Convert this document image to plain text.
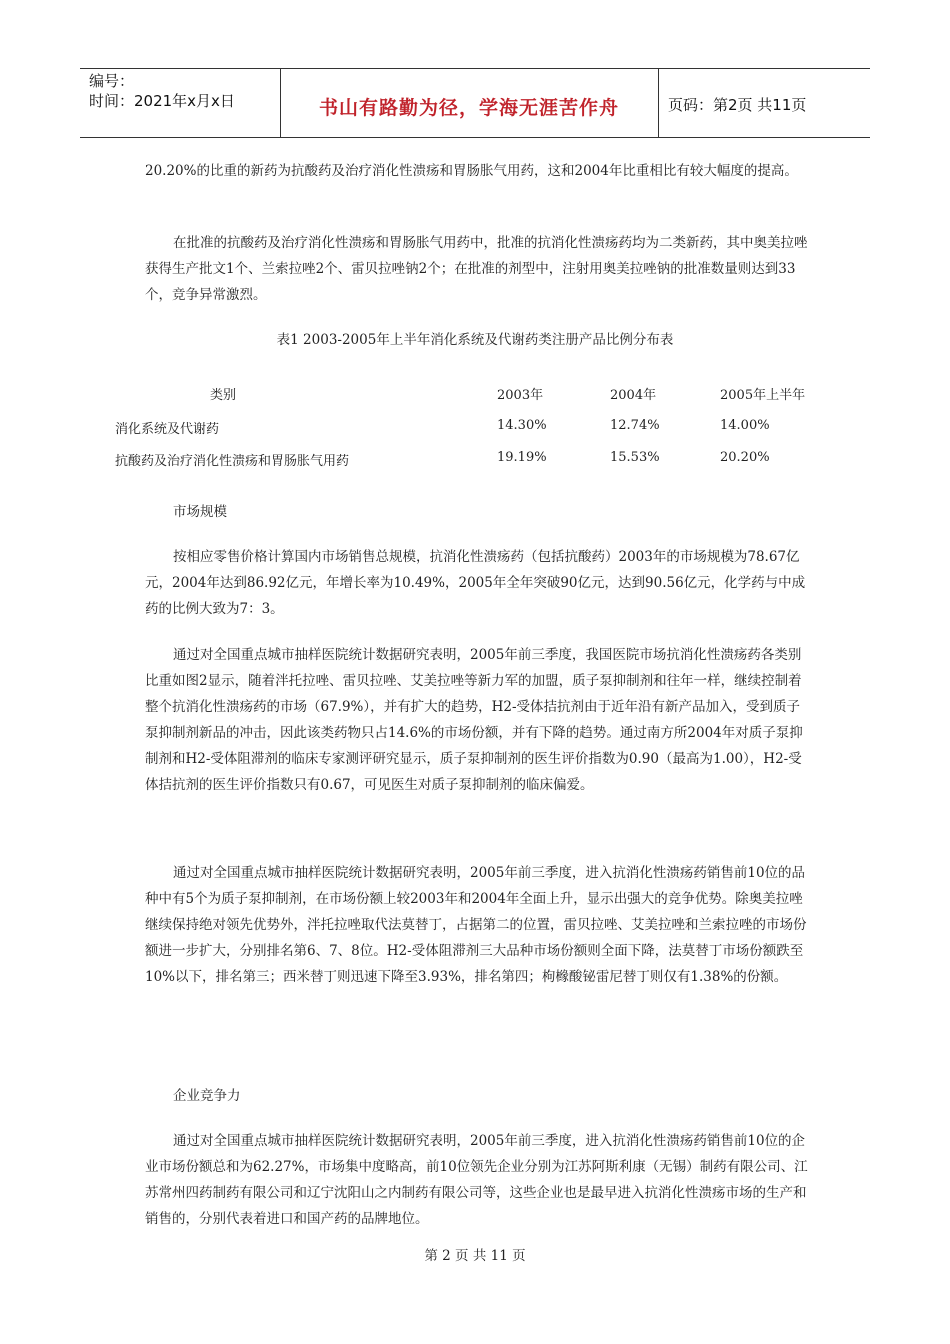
编号：
时间：2021年x月x日	书山有路勤为径，学海无涯苦作舟	页码：第2页 共11页

20.20%的比重的新药为抗酸药及治疗消化性溃疡和胃肠胀气用药，这和2004年比重相比有较大幅度的提高。

在批准的抗酸药及治疗消化性溃疡和胃肠胀气用药中，批准的抗消化性溃疡药均为二类新药，其中奥美拉唑获得生产批文1个、兰索拉唑2个、雷贝拉唑钠2个；在批准的剂型中，注射用奥美拉唑钠的批准数量则达到33个，竞争异常激烈。

表1 2003-2005年上半年消化系统及代谢药类注册产品比例分布表
类别	2003年	2004年	2005年上半年
消化系统及代谢药	14.30%	12.74%	14.00%
抗酸药及治疗消化性溃疡和胃肠胀气用药	19.19%	15.53%	20.20%
市场规模

按相应零售价格计算国内市场销售总规模，抗消化性溃疡药（包括抗酸药）2003年的市场规模为78.67亿元，2004年达到86.92亿元，年增长率为10.49%，2005年全年突破90亿元，达到90.56亿元，化学药与中成药的比例大致为7：3。

通过对全国重点城市抽样医院统计数据研究表明，2005年前三季度，我国医院市场抗消化性溃疡药各类别比重如图2显示，随着泮托拉唑、雷贝拉唑、艾美拉唑等新力军的加盟，质子泵抑制剂和往年一样，继续控制着整个抗消化性溃疡药的市场（67.9%），并有扩大的趋势，H2-受体拮抗剂由于近年沿有新产品加入，受到质子泵抑制剂新品的冲击，因此该类药物只占14.6%的市场份额，并有下降的趋势。通过南方所2004年对质子泵抑制剂和H2-受体阻滞剂的临床专家测评研究显示，质子泵抑制剂的医生评价指数为0.90（最高为1.00），H2-受体拮抗剂的医生评价指数只有0.67，可见医生对质子泵抑制剂的临床偏爱。

通过对全国重点城市抽样医院统计数据研究表明，2005年前三季度，进入抗消化性溃疡药销售前10位的品种中有5个为质子泵抑制剂，在市场份额上较2003年和2004年全面上升，显示出强大的竞争优势。除奥美拉唑继续保持绝对领先优势外，泮托拉唑取代法莫替丁，占据第二的位置，雷贝拉唑、艾美拉唑和兰索拉唑的市场份额进一步扩大，分别排名第6、7、8位。H2-受体阻滞剂三大品种市场份额则全面下降，法莫替丁市场份额跌至10%以下，排名第三；西米替丁则迅速下降至3.93%，排名第四；枸橼酸铋雷尼替丁则仅有1.38%的份额。

企业竞争力

通过对全国重点城市抽样医院统计数据研究表明，2005年前三季度，进入抗消化性溃疡药销售前10位的企业市场份额总和为62.27%，市场集中度略高，前10位领先企业分别为江苏阿斯利康（无锡）制药有限公司、江苏常州四药制药有限公司和辽宁沈阳山之内制药有限公司等，这些企业也是最早进入抗消化性溃疡市场的生产和销售的，分别代表着进口和国产药的品牌地位。

第 2 页 共 11 页
